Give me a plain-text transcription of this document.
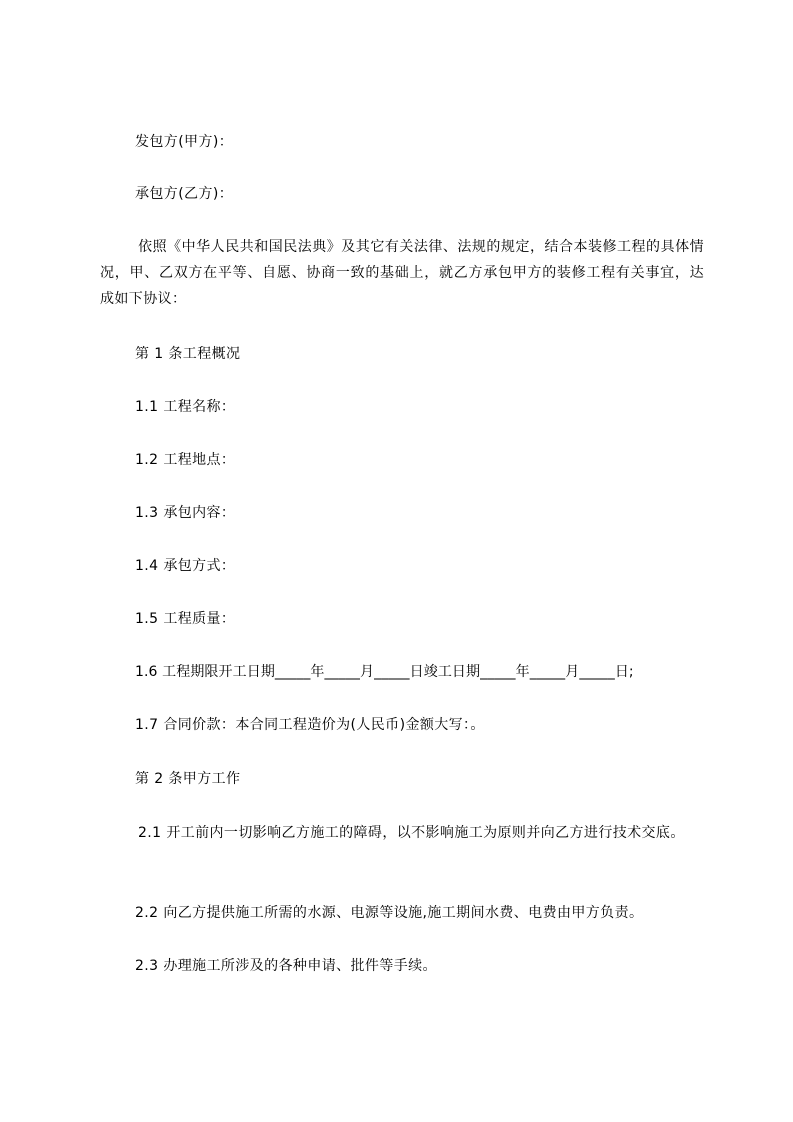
发包方(甲方)：
承包方(乙方)：
依照《中华人民共和国民法典》及其它有关法律、法规的规定，结合本装修工程的具体情况，甲、乙双方在平等、自愿、协商一致的基础上，就乙方承包甲方的装修工程有关事宜，达成如下协议：
第 1 条工程概况
1.1 工程名称：
1.2 工程地点：
1.3 承包内容：
1.4 承包方式：
1.5 工程质量：
1.6 工程期限开工日期_____年_____月_____日竣工日期_____年_____月_____日;
1.7 合同价款：本合同工程造价为(人民币)金额大写：。
第 2 条甲方工作
2.1 开工前内一切影响乙方施工的障碍，以不影响施工为原则并向乙方进行技术交底。
2.2 向乙方提供施工所需的水源、电源等设施,施工期间水费、电费由甲方负责。
2.3 办理施工所涉及的各种申请、批件等手续。
